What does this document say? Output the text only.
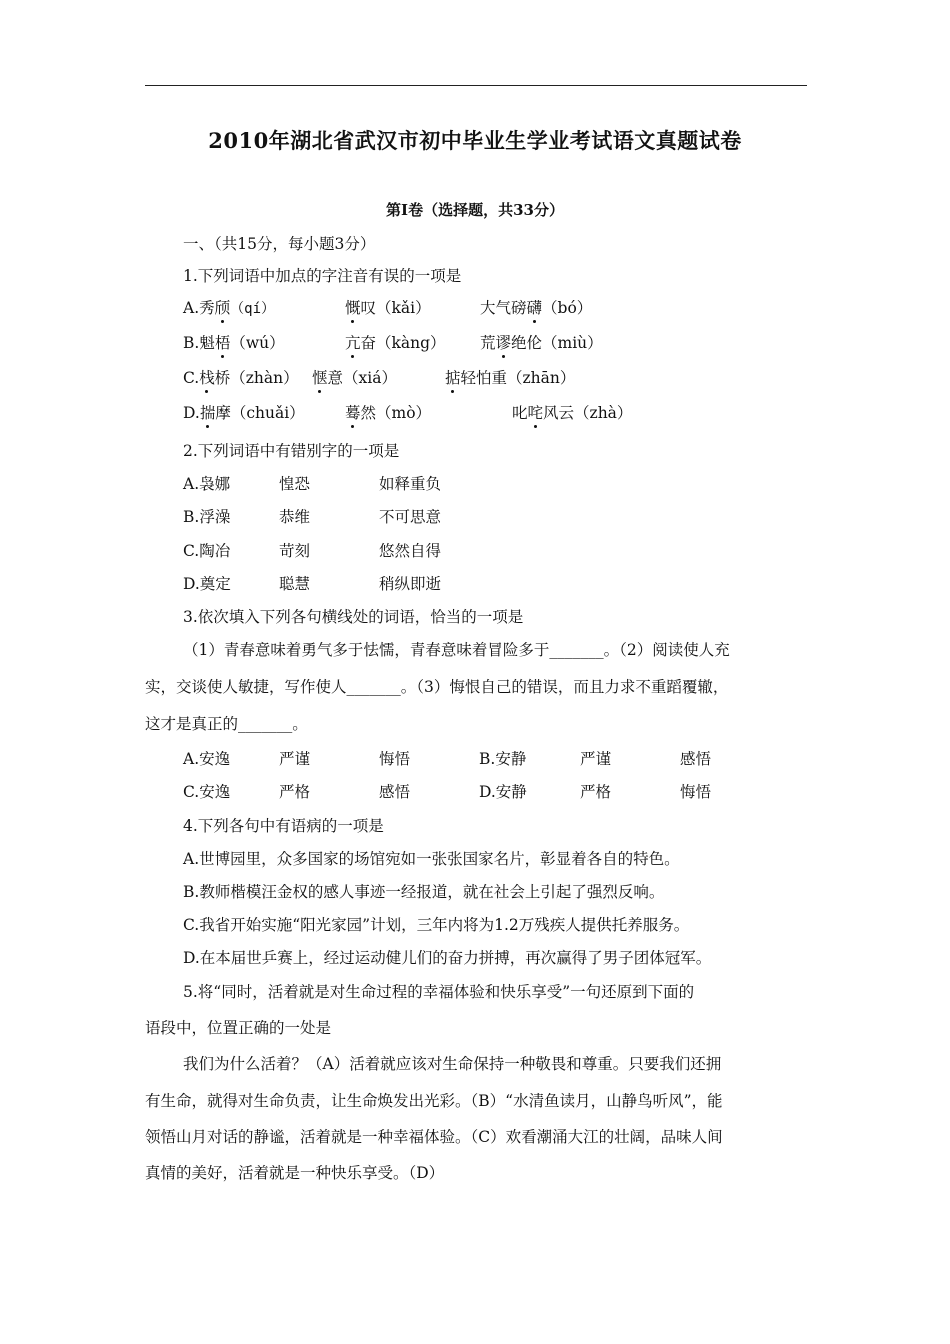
2010年湖北省武汉市初中毕业生学业考试语文真题试卷
第Ⅰ卷（选择题，共33分）
一、（共15分，每小题3分）
1.下列词语中加点的字注音有误的一项是
A.秀颀（qí）	慨叹（kǎi）	大气磅礴（bó）
B.魁梧（wú）	亢奋（kàng） 荒谬绝伦（miù）
C.栈桥（zhàn） 惬意（xiá）	掂轻怕重（zhān）
D.揣摩（chuǎi）	蓦然（mò）	叱咤风云（zhà）
2.下列词语中有错别字的一项是
A.袅娜	惶恐	如释重负
B.浮澡	恭维	不可思意
C.陶冶	苛刻	悠然自得
D.奠定	聪慧	稍纵即逝
3.依次填入下列各句横线处的词语，恰当的一项是
（1）青春意味着勇气多于怯懦，青春意味着冒险多于_______。（2）阅读使人充
实，交谈使人敏捷，写作使人_______。（3）悔恨自己的错误，而且力求不重蹈覆辙，
这才是真正的_______。
A.安逸	严谨	悔悟	B.安静	严谨	感悟
C.安逸	严格	感悟	D.安静	严格	悔悟
4.下列各句中有语病的一项是
A.世博园里，众多国家的场馆宛如一张张国家名片，彰显着各自的特色。
B.教师楷模汪金权的感人事迹一经报道，就在社会上引起了强烈反响。
C.我省开始实施“阳光家园”计划，三年内将为1.2万残疾人提供托养服务。
D.在本届世乒赛上，经过运动健儿们的奋力拼搏，再次赢得了男子团体冠军。
5.将“同时，活着就是对生命过程的幸福体验和快乐享受”一句还原到下面的
语段中，位置正确的一处是
我们为什么活着？（A）活着就应该对生命保持一种敬畏和尊重。只要我们还拥
有生命，就得对生命负责，让生命焕发出光彩。（B）“水清鱼读月，山静鸟听风”，能
领悟山月对话的静谧，活着就是一种幸福体验。（C）欢看潮涌大江的壮阔，品味人间
真情的美好，活着就是一种快乐享受。（D）
